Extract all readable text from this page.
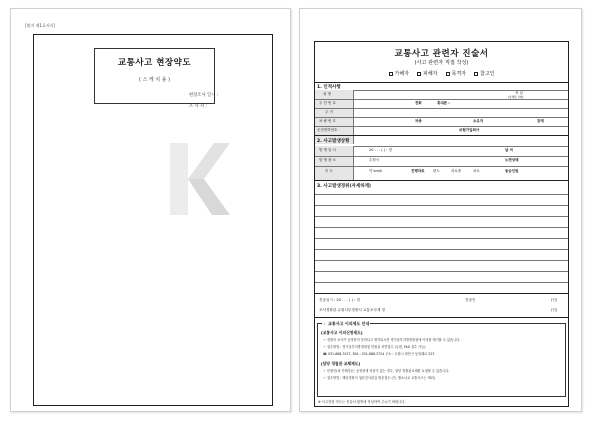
[별지 제1호서식]
교통사고 현장약도
( 스 케 치 용 )
현장조사 일시 :
조 사 자 :
교통사고 관련자 진술서
(사고 관련자 직접 작성)
가해자	피해자	목격자	참고인
1. 인적사항
성 명	직 업
(상세히 기재)
주 민 번 호	전화	휴대폰 :
주 거
차 량 번 호	차종	소유자	관계
운전면허번호	보험가입회사
2. 사고발생상황
발 생 일 시	20 . . . ( ) : 경	날 씨
발 생 장 소	수원시	노면상태
속 도	약 km/h	진행차로 편도	차로중	차로	동승인원
3. 사고발생경위(자세하게)
진술일시 : 20 . . . ( ) : 경	진술인	(인)
조사경찰관 수원서부경찰서 교통조사계 경	(인)
☞ 교통사고 이의제도 안내
[교통사고 이의신청제도]
☞ 경찰서 조사가 공정하지 못하다고 생각되시면 경기남부지방경찰청에 이의를 제기할 수 있습니다.
☞ 접수방법 : 경기남부지방경찰청 민원실 서면접수 (우편, FAX 접수 가능)
☎ 031-888-3157, FAX : 031-888-3724 주소 : 수원시 장안구 동말래로 223
[담당 경찰관 교체제도]
☞ 민원인(피·가해자)는 공정성에 의심이 있는 경우, 담당 경찰관교체를 요청할 수 있습니다.
☞ 접수방법 : 해당경찰서 청문감사관실 방문접수 (단, 행소나교 교통사고는 제외)
※ 사고현장 약도는 진술서 뒷면에 작성하여 주시기 바랍니다.
